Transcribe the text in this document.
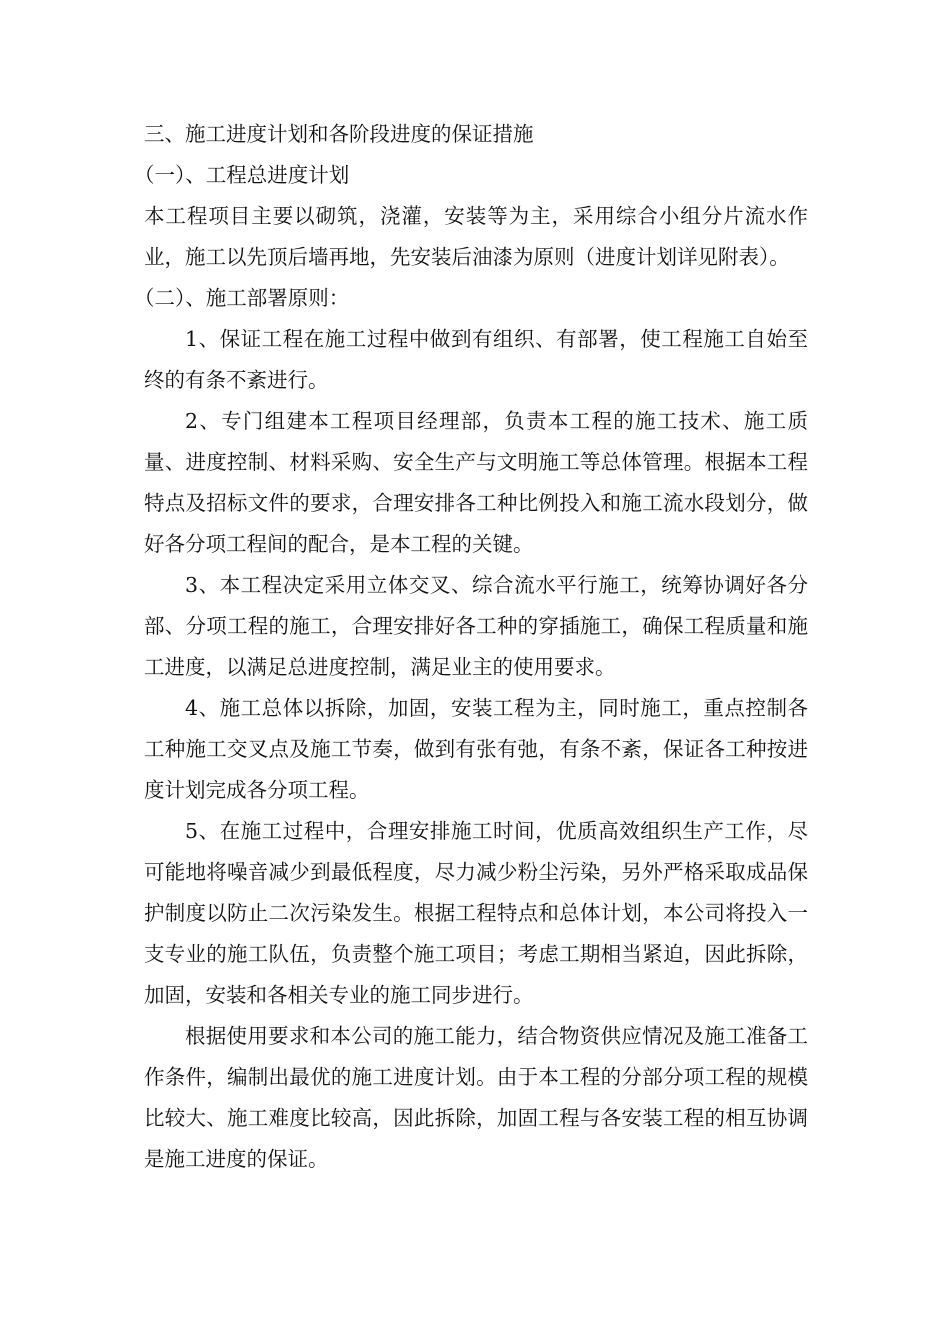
三、施工进度计划和各阶段进度的保证措施

（一）、工程总进度计划

本工程项目主要以砌筑，浇灌，安装等为主，采用综合小组分片流水作业，施工以先顶后墙再地，先安装后油漆为原则（进度计划详见附表）。

（二）、施工部署原则：

1、保证工程在施工过程中做到有组织、有部署，使工程施工自始至终的有条不紊进行。

2、专门组建本工程项目经理部，负责本工程的施工技术、施工质量、进度控制、材料采购、安全生产与文明施工等总体管理。根据本工程特点及招标文件的要求，合理安排各工种比例投入和施工流水段划分，做好各分项工程间的配合，是本工程的关键。

3、本工程决定采用立体交叉、综合流水平行施工，统筹协调好各分部、分项工程的施工，合理安排好各工种的穿插施工，确保工程质量和施工进度，以满足总进度控制，满足业主的使用要求。

4、施工总体以拆除，加固，安装工程为主，同时施工，重点控制各工种施工交叉点及施工节奏，做到有张有弛，有条不紊，保证各工种按进度计划完成各分项工程。

5、在施工过程中，合理安排施工时间，优质高效组织生产工作，尽可能地将噪音减少到最低程度，尽力减少粉尘污染，另外严格采取成品保护制度以防止二次污染发生。根据工程特点和总体计划，本公司将投入一支专业的施工队伍，负责整个施工项目；考虑工期相当紧迫，因此拆除，加固，安装和各相关专业的施工同步进行。

根据使用要求和本公司的施工能力，结合物资供应情况及施工准备工作条件，编制出最优的施工进度计划。由于本工程的分部分项工程的规模比较大、施工难度比较高，因此拆除，加固工程与各安装工程的相互协调是施工进度的保证。
